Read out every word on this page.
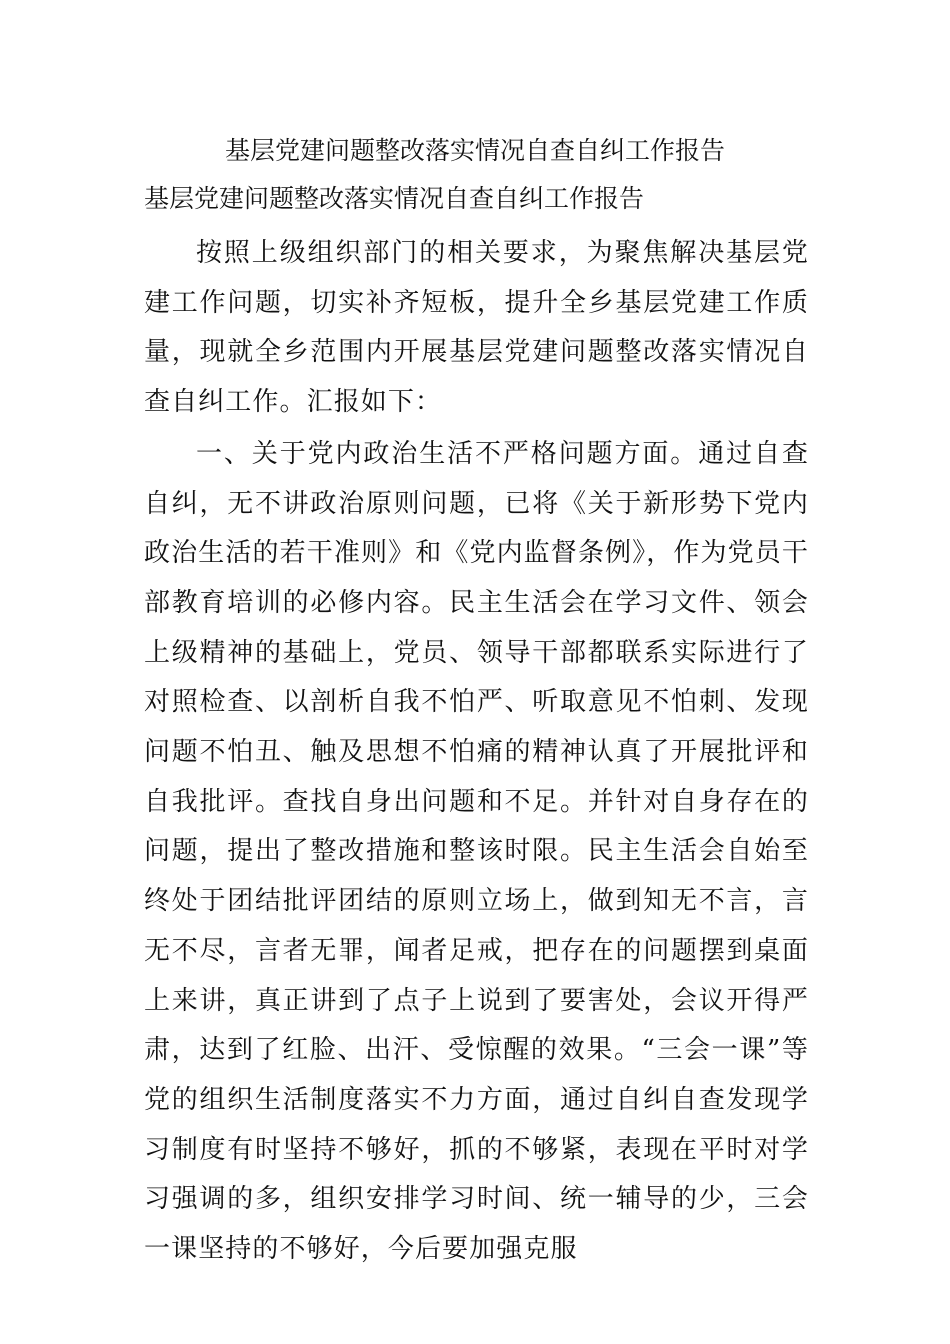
基层党建问题整改落实情况自查自纠工作报告

基层党建问题整改落实情况自查自纠工作报告

按照上级组织部门的相关要求，为聚焦解决基层党建工作问题，切实补齐短板，提升全乡基层党建工作质量，现就全乡范围内开展基层党建问题整改落实情况自查自纠工作。汇报如下：

一、关于党内政治生活不严格问题方面。通过自查自纠，无不讲政治原则问题，已将《关于新形势下党内政治生活的若干准则》和《党内监督条例》，作为党员干部教育培训的必修内容。民主生活会在学习文件、领会上级精神的基础上，党员、领导干部都联系实际进行了对照检查、以剖析自我不怕严、听取意见不怕刺、发现问题不怕丑、触及思想不怕痛的精神认真了开展批评和自我批评。查找自身出问题和不足。并针对自身存在的问题，提出了整改措施和整该时限。民主生活会自始至终处于团结批评团结的原则立场上，做到知无不言，言无不尽，言者无罪，闻者足戒，把存在的问题摆到桌面上来讲，真正讲到了点子上说到了要害处，会议开得严肃，达到了红脸、出汗、受惊醒的效果。“三会一课”等党的组织生活制度落实不力方面，通过自纠自查发现学习制度有时坚持不够好，抓的不够紧，表现在平时对学习强调的多，组织安排学习时间、统一辅导的少，三会一课坚持的不够好，今后要加强克服
